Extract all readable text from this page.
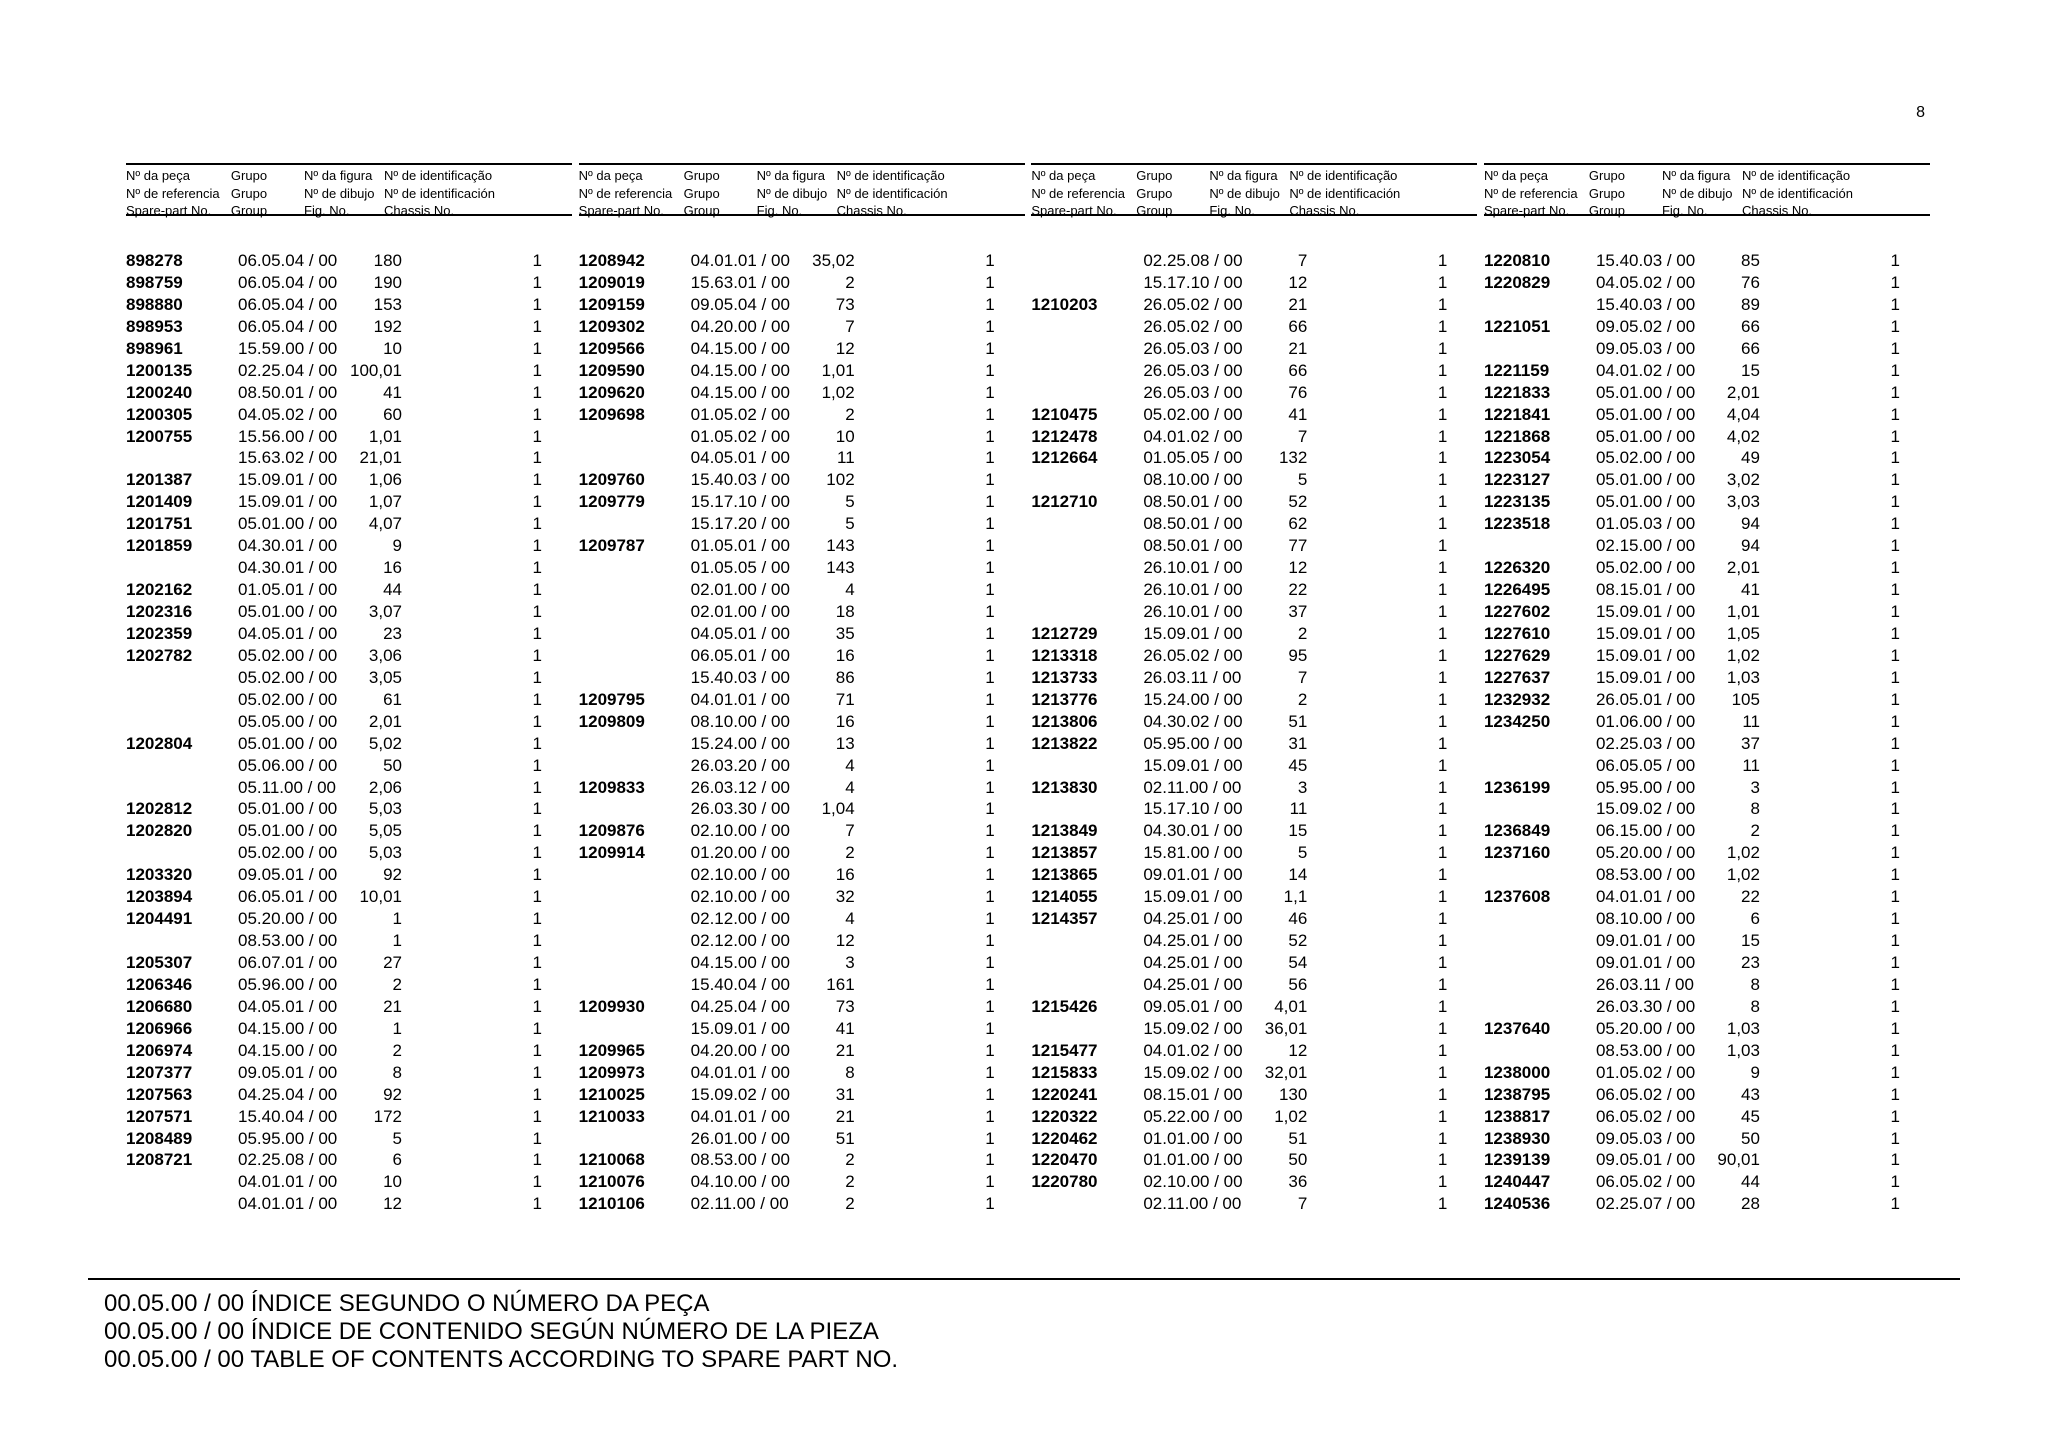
8
Nº da peça
Nº de referencia
Spare-part No.
Grupo
Grupo
Group
Nº da figura
Nº de dibujo
Fig. No.
Nº de identificação
Nº de identificación
Chassis No.
898278	06.05.04 / 00	180	1
898759	06.05.04 / 00	190	1
898880	06.05.04 / 00	153	1
898953	06.05.04 / 00	192	1
898961	15.59.00 / 00	10	1
1200135	02.25.04 / 00 100,01	1
1200240	08.50.01 / 00	41	1
1200305	04.05.02 / 00	60	1
1200755	15.56.00 / 00	1,01	1
15.63.02 / 00	21,01	1
1201387	15.09.01 / 00	1,06	1
1201409	15.09.01 / 00	1,07	1
1201751	05.01.00 / 00	4,07	1
1201859	04.30.01 / 00	9	1
04.30.01 / 00	16	1
1202162	01.05.01 / 00	44	1
1202316	05.01.00 / 00	3,07	1
1202359	04.05.01 / 00	23	1
1202782	05.02.00 / 00	3,06	1
05.02.00 / 00	3,05	1
05.02.00 / 00	61	1
05.05.00 / 00	2,01	1
1202804	05.01.00 / 00	5,02	1
05.06.00 / 00	50	1
05.11.00 / 00	2,06	1
1202812	05.01.00 / 00	5,03	1
1202820	05.01.00 / 00	5,05	1
05.02.00 / 00	5,03	1
1203320	09.05.01 / 00	92	1
1203894	06.05.01 / 00	10,01	1
1204491	05.20.00 / 00	1	1
08.53.00 / 00	1	1
1205307	06.07.01 / 00	27	1
1206346	05.96.00 / 00	2	1
1206680	04.05.01 / 00	21	1
1206966	04.15.00 / 00	1	1
1206974	04.15.00 / 00	2	1
1207377	09.05.01 / 00	8	1
1207563	04.25.04 / 00	92	1
1207571	15.40.04 / 00	172	1
1208489	05.95.00 / 00	5	1
1208721	02.25.08 / 00	6	1
04.01.01 / 00	10	1
04.01.01 / 00	12	1
Nº da peça
Nº de referencia
Spare-part No.
Grupo
Grupo
Group
Nº da figura
Nº de dibujo
Fig. No.
Nº de identificação
Nº de identificación
Chassis No.
1208942	04.01.01 / 00	35,02	1
1209019	15.63.01 / 00	2	1
1209159	09.05.04 / 00	73	1
1209302	04.20.00 / 00	7	1
1209566	04.15.00 / 00	12	1
1209590	04.15.00 / 00	1,01	1
1209620	04.15.00 / 00	1,02	1
1209698	01.05.02 / 00	2	1
01.05.02 / 00	10	1
04.05.01 / 00	11	1
1209760	15.40.03 / 00	102	1
1209779	15.17.10 / 00	5	1
15.17.20 / 00	5	1
1209787	01.05.01 / 00	143	1
01.05.05 / 00	143	1
02.01.00 / 00	4	1
02.01.00 / 00	18	1
04.05.01 / 00	35	1
06.05.01 / 00	16	1
15.40.03 / 00	86	1
1209795	04.01.01 / 00	71	1
1209809	08.10.00 / 00	16	1
15.24.00 / 00	13	1
26.03.20 / 00	4	1
1209833	26.03.12 / 00	4	1
26.03.30 / 00	1,04	1
1209876	02.10.00 / 00	7	1
1209914	01.20.00 / 00	2	1
02.10.00 / 00	16	1
02.10.00 / 00	32	1
02.12.00 / 00	4	1
02.12.00 / 00	12	1
04.15.00 / 00	3	1
15.40.04 / 00	161	1
1209930	04.25.04 / 00	73	1
15.09.01 / 00	41	1
1209965	04.20.00 / 00	21	1
1209973	04.01.01 / 00	8	1
1210025	15.09.02 / 00	31	1
1210033	04.01.01 / 00	21	1
26.01.00 / 00	51	1
1210068	08.53.00 / 00	2	1
1210076	04.10.00 / 00	2	1
1210106	02.11.00 / 00	2	1
Nº da peça
Nº de referencia
Spare-part No.
Grupo
Grupo
Group
Nº da figura
Nº de dibujo
Fig. No.
Nº de identificação
Nº de identificación
Chassis No.
02.25.08 / 00	7	1
15.17.10 / 00	12	1
1210203	26.05.02 / 00	21	1
26.05.02 / 00	66	1
26.05.03 / 00	21	1
26.05.03 / 00	66	1
26.05.03 / 00	76	1
1210475	05.02.00 / 00	41	1
1212478	04.01.02 / 00	7	1
1212664	01.05.05 / 00	132	1
08.10.00 / 00	5	1
1212710	08.50.01 / 00	52	1
08.50.01 / 00	62	1
08.50.01 / 00	77	1
26.10.01 / 00	12	1
26.10.01 / 00	22	1
26.10.01 / 00	37	1
1212729	15.09.01 / 00	2	1
1213318	26.05.02 / 00	95	1
1213733	26.03.11 / 00	7	1
1213776	15.24.00 / 00	2	1
1213806	04.30.02 / 00	51	1
1213822	05.95.00 / 00	31	1
15.09.01 / 00	45	1
1213830	02.11.00 / 00	3	1
15.17.10 / 00	11	1
1213849	04.30.01 / 00	15	1
1213857	15.81.00 / 00	5	1
1213865	09.01.01 / 00	14	1
1214055	15.09.01 / 00	1,1	1
1214357	04.25.01 / 00	46	1
04.25.01 / 00	52	1
04.25.01 / 00	54	1
04.25.01 / 00	56	1
1215426	09.05.01 / 00	4,01	1
15.09.02 / 00	36,01	1
1215477	04.01.02 / 00	12	1
1215833	15.09.02 / 00	32,01	1
1220241	08.15.01 / 00	130	1
1220322	05.22.00 / 00	1,02	1
1220462	01.01.00 / 00	51	1
1220470	01.01.00 / 00	50	1
1220780	02.10.00 / 00	36	1
02.11.00 / 00	7	1
Nº da peça
Nº de referencia
Spare-part No.
Grupo
Grupo
Group
Nº da figura
Nº de dibujo
Fig. No.
Nº de identificação
Nº de identificación
Chassis No.
1220810	15.40.03 / 00	85	1
1220829	04.05.02 / 00	76	1
15.40.03 / 00	89	1
1221051	09.05.02 / 00	66	1
09.05.03 / 00	66	1
1221159	04.01.02 / 00	15	1
1221833	05.01.00 / 00	2,01	1
1221841	05.01.00 / 00	4,04	1
1221868	05.01.00 / 00	4,02	1
1223054	05.02.00 / 00	49	1
1223127	05.01.00 / 00	3,02	1
1223135	05.01.00 / 00	3,03	1
1223518	01.05.03 / 00	94	1
02.15.00 / 00	94	1
1226320	05.02.00 / 00	2,01	1
1226495	08.15.01 / 00	41	1
1227602	15.09.01 / 00	1,01	1
1227610	15.09.01 / 00	1,05	1
1227629	15.09.01 / 00	1,02	1
1227637	15.09.01 / 00	1,03	1
1232932	26.05.01 / 00	105	1
1234250	01.06.00 / 00	11	1
02.25.03 / 00	37	1
06.05.05 / 00	11	1
1236199	05.95.00 / 00	3	1
15.09.02 / 00	8	1
1236849	06.15.00 / 00	2	1
1237160	05.20.00 / 00	1,02	1
08.53.00 / 00	1,02	1
1237608	04.01.01 / 00	22	1
08.10.00 / 00	6	1
09.01.01 / 00	15	1
09.01.01 / 00	23	1
26.03.11 / 00	8	1
26.03.30 / 00	8	1
1237640	05.20.00 / 00	1,03	1
08.53.00 / 00	1,03	1
1238000	01.05.02 / 00	9	1
1238795	06.05.02 / 00	43	1
1238817	06.05.02 / 00	45	1
1238930	09.05.03 / 00	50	1
1239139	09.05.01 / 00	90,01	1
1240447	06.05.02 / 00	44	1
1240536	02.25.07 / 00	28	1
00.05.00 / 00 ÍNDICE SEGUNDO O NÚMERO DA PEÇA
00.05.00 / 00 ÍNDICE DE CONTENIDO SEGÚN NÚMERO DE LA PIEZA
00.05.00 / 00 TABLE OF CONTENTS ACCORDING TO SPARE PART NO.
